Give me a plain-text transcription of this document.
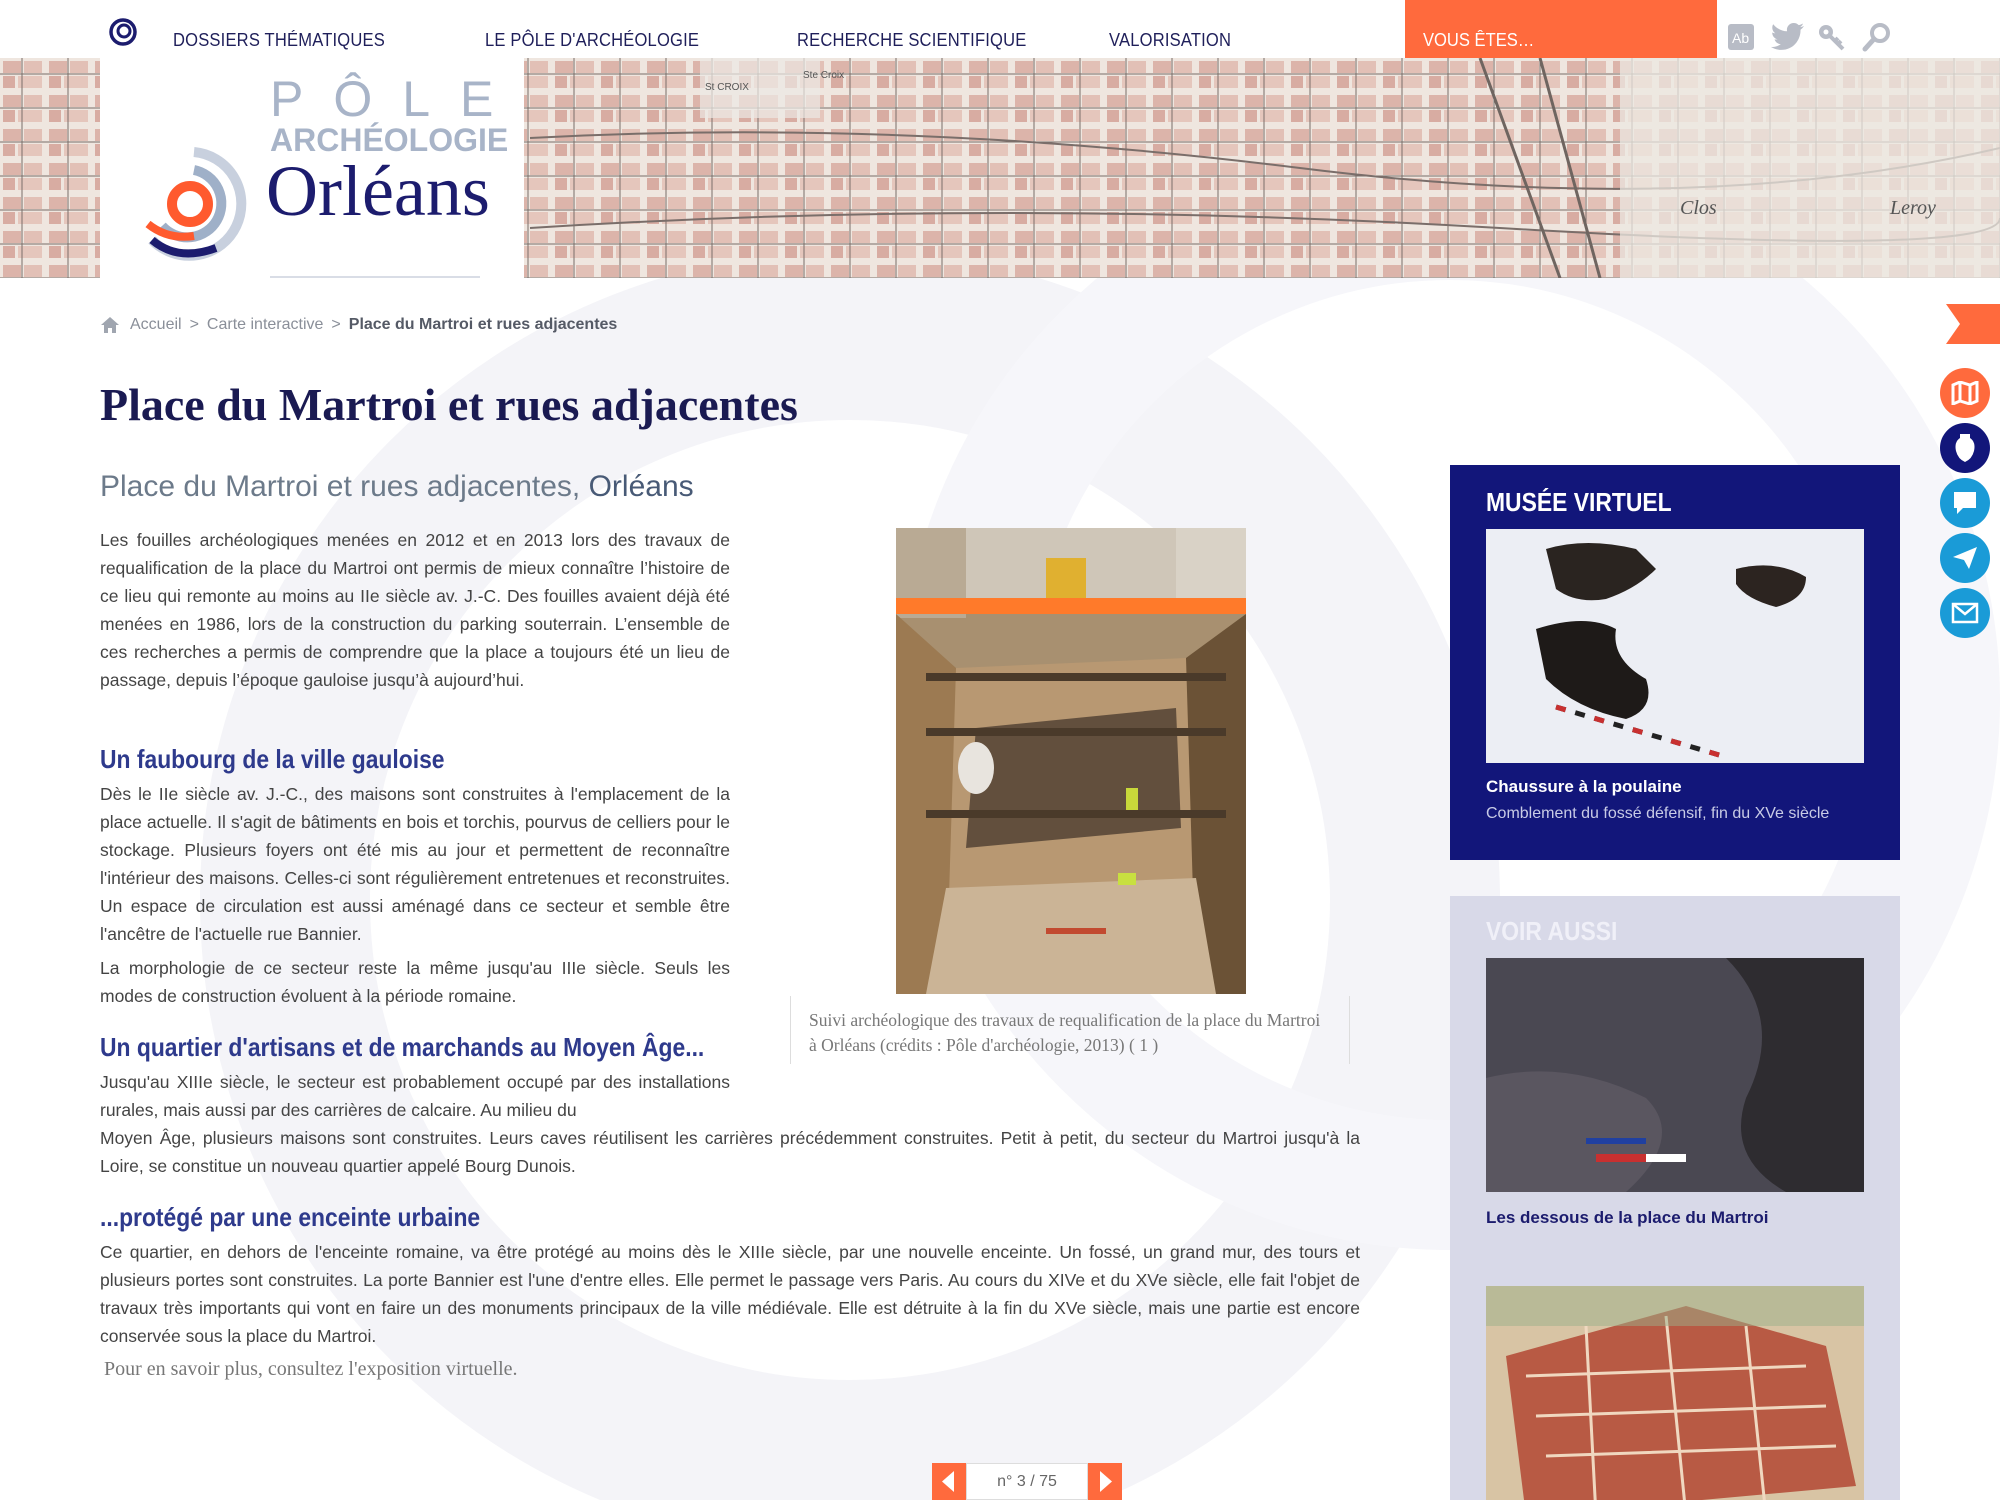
DOSSIERS THÉMATIQUES	LE PÔLE D'ARCHÉOLOGIE	RECHERCHE SCIENTIFIQUE	VALORISATION	VOUS ÊTES…	Ab
St CROIX
Ste Croix
Clos	Leroy
PÔLE
ARCHÉOLOGIE
Orléans
Accueil > Carte interactive > Place du Martroi et rues adjacentes
Place du Martroi et rues adjacentes
Place du Martroi et rues adjacentes, Orléans

Les fouilles archéologiques menées en 2012 et en 2013 lors des travaux de requalification de la place du Martroi ont permis de mieux connaître l’histoire de ce lieu qui remonte au moins au IIe siècle av. J.-C. Des fouilles avaient déjà été menées en 1986, lors de la construction du parking souterrain. L’ensemble de ces recherches a permis de comprendre que la place a toujours été un lieu de passage, depuis l’époque gauloise jusqu’à aujourd’hui.

Un faubourg de la ville gauloise

Dès le IIe siècle av. J.-C., des maisons sont construites à l'emplacement de la place actuelle. Il s'agit de bâtiments en bois et torchis, pourvus de celliers pour le stockage. Plusieurs foyers ont été mis au jour et permettent de reconnaître l'intérieur des maisons. Celles-ci sont régulièrement entretenues et reconstruites. Un espace de circulation est aussi aménagé dans ce secteur et semble être l'ancêtre de l'actuelle rue Bannier.

La morphologie de ce secteur reste la même jusqu'au IIIe siècle. Seuls les modes de construction évoluent à la période romaine.

Un quartier d'artisans et de marchands au Moyen Âge...

Jusqu'au XIIIe siècle, le secteur est probablement occupé par des installations rurales, mais aussi par des carrières de calcaire. Au milieu du

Moyen Âge, plusieurs maisons sont construites. Leurs caves réutilisent les carrières précédemment construites. Petit à petit, du secteur du Martroi jusqu'à la Loire, se constitue un nouveau quartier appelé Bourg Dunois.

...protégé par une enceinte urbaine

Ce quartier, en dehors de l'enceinte romaine, va être protégé au moins dès le XIIIe siècle, par une nouvelle enceinte. Un fossé, un grand mur, des tours et plusieurs portes sont construites. La porte Bannier est l'une d'entre elles. Elle permet le passage vers Paris. Au cours du XIVe et du XVe siècle, elle fait l'objet de travaux très importants qui vont en faire un des monuments principaux de la ville médiévale. Elle est détruite à la fin du XVe siècle, mais une partie est encore conservée sous la place du Martroi.

Pour en savoir plus, consultez l'exposition virtuelle.

Suivi archéologique des travaux de requalification de la place du Martroi à Orléans (crédits : Pôle d'archéologie, 2013) ( 1 )

MUSÉE VIRTUEL
Chaussure à la poulaine
Comblement du fossé défensif, fin du XVe siècle
VOIR AUSSI
Les dessous de la place du Martroi
n° 3 / 75
